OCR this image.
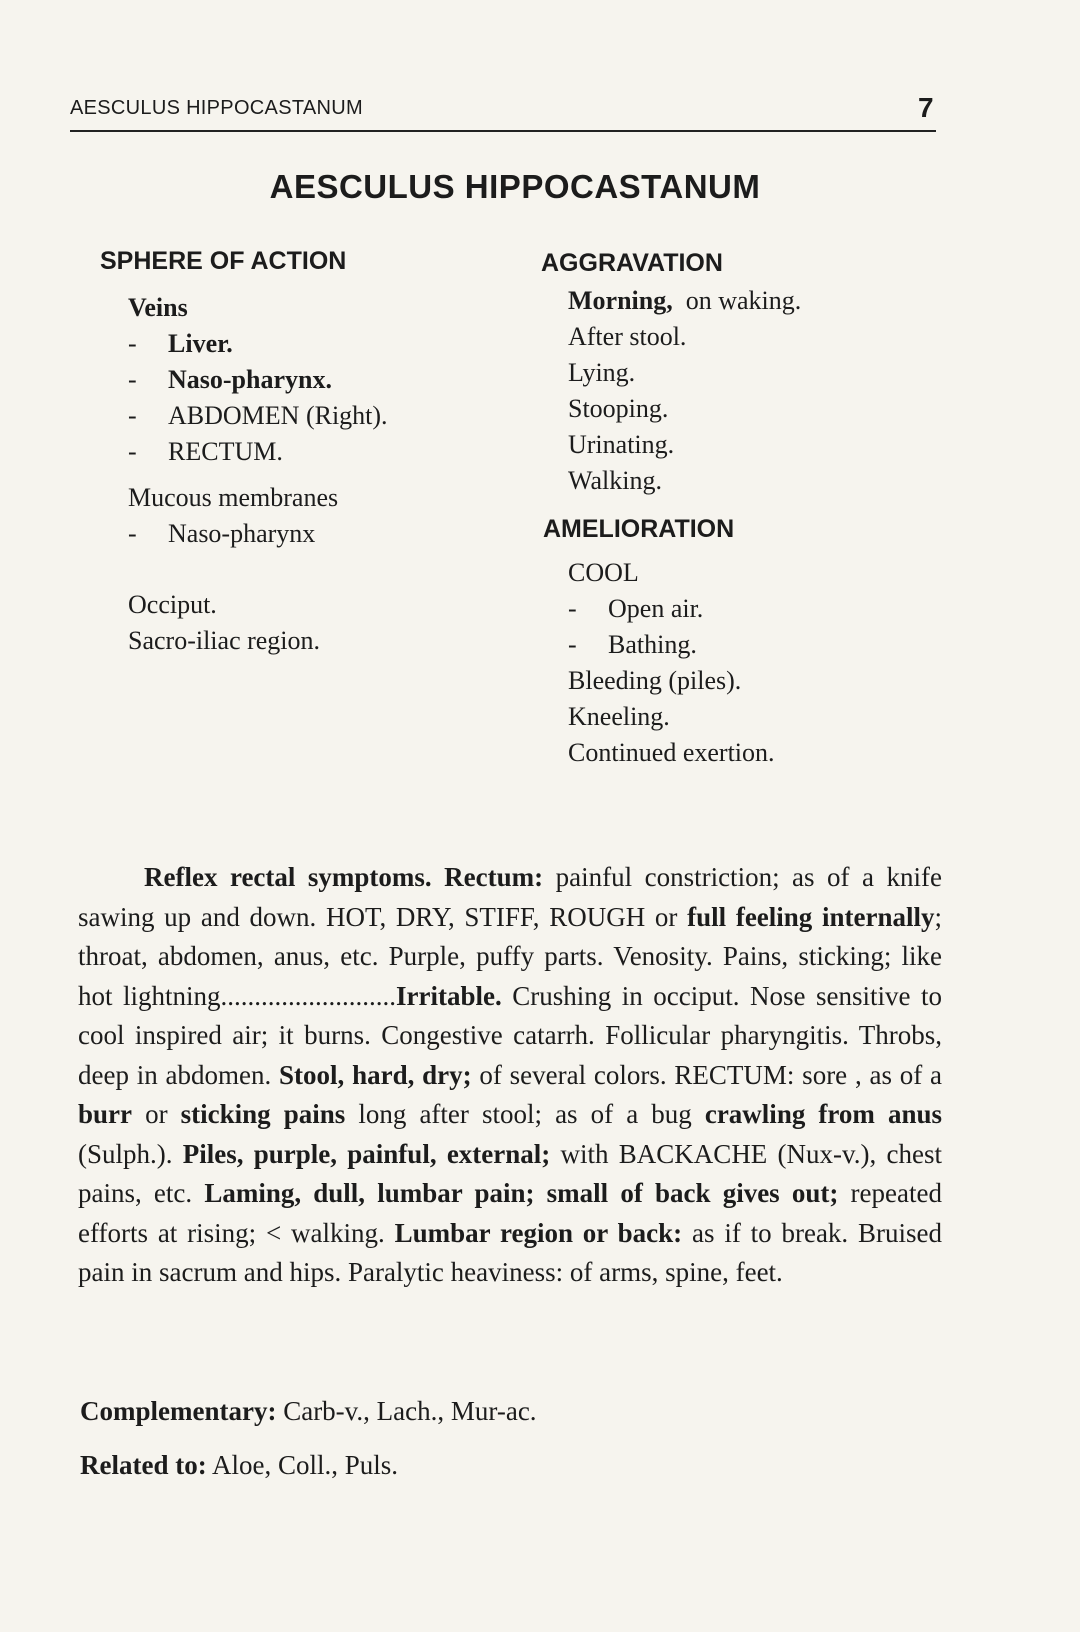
AESCULUS HIPPOCASTANUM	7
AESCULUS HIPPOCASTANUM
SPHERE OF ACTION
Veins
- Liver.
- Naso-pharynx.
- ABDOMEN (Right).
- RECTUM.
Mucous membranes
- Naso-pharynx
Occiput.
Sacro-iliac region.
AGGRAVATION
Morning, on waking.
After stool.
Lying.
Stooping.
Urinating.
Walking.
AMELIORATION
COOL
- Open air.
- Bathing.
Bleeding (piles).
Kneeling.
Continued exertion.

Reflex rectal symptoms. Rectum: painful constriction; as of a knife sawing up and down. HOT, DRY, STIFF, ROUGH or full feeling internally; throat, abdomen, anus, etc. Purple, puffy parts. Venosity. Pains, sticking; like hot lightning..........................Irritable. Crushing in occiput. Nose sensitive to cool inspired air; it burns. Congestive catarrh. Follicular pharyngitis. Throbs, deep in abdomen. Stool, hard, dry; of several colors. RECTUM: sore , as of a burr or sticking pains long after stool; as of a bug crawling from anus (Sulph.). Piles, purple, painful, external; with BACKACHE (Nux-v.), chest pains, etc. Laming, dull, lumbar pain; small of back gives out; repeated efforts at rising; < walking. Lumbar region or back: as if to break. Bruised pain in sacrum and hips. Paralytic heaviness: of arms, spine, feet.

Complementary: Carb-v., Lach., Mur-ac.
Related to: Aloe, Coll., Puls.
